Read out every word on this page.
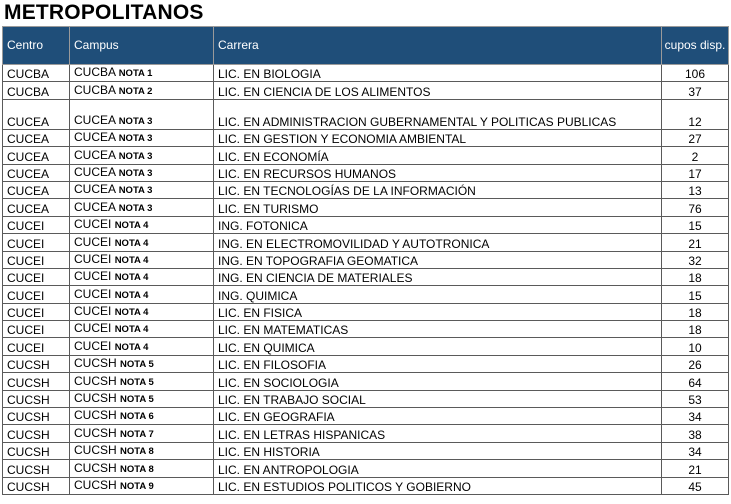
METROPOLITANOS
Centro	Campus	Carrera	cupos disp.
CUCBA	CUCBA NOTA 1	LIC. EN BIOLOGIA	106
CUCBA	CUCBA NOTA 2	LIC. EN CIENCIA DE LOS ALIMENTOS	37
CUCEA	CUCEA NOTA 3	LIC. EN ADMINISTRACION GUBERNAMENTAL Y POLITICAS PUBLICAS	12
CUCEA	CUCEA NOTA 3	LIC. EN GESTION Y ECONOMIA AMBIENTAL	27
CUCEA	CUCEA NOTA 3	LIC. EN ECONOMÍA	2
CUCEA	CUCEA NOTA 3	LIC. EN RECURSOS HUMANOS	17
CUCEA	CUCEA NOTA 3	LIC. EN TECNOLOGÍAS DE LA INFORMACIÓN	13
CUCEA	CUCEA NOTA 3	LIC. EN TURISMO	76
CUCEI	CUCEI NOTA 4	ING. FOTONICA	15
CUCEI	CUCEI NOTA 4	ING. EN ELECTROMOVILIDAD Y AUTOTRONICA	21
CUCEI	CUCEI NOTA 4	ING. EN TOPOGRAFIA GEOMATICA	32
CUCEI	CUCEI NOTA 4	ING. EN CIENCIA DE MATERIALES	18
CUCEI	CUCEI NOTA 4	ING. QUIMICA	15
CUCEI	CUCEI NOTA 4	LIC. EN FISICA	18
CUCEI	CUCEI NOTA 4	LIC. EN MATEMATICAS	18
CUCEI	CUCEI NOTA 4	LIC. EN QUIMICA	10
CUCSH	CUCSH NOTA 5	LIC. EN FILOSOFIA	26
CUCSH	CUCSH NOTA 5	LIC. EN SOCIOLOGIA	64
CUCSH	CUCSH NOTA 5	LIC. EN TRABAJO SOCIAL	53
CUCSH	CUCSH NOTA 6	LIC. EN GEOGRAFIA	34
CUCSH	CUCSH NOTA 7	LIC. EN LETRAS HISPANICAS	38
CUCSH	CUCSH NOTA 8	LIC. EN HISTORIA	34
CUCSH	CUCSH NOTA 8	LIC. EN ANTROPOLOGIA	21
CUCSH	CUCSH NOTA 9	LIC. EN ESTUDIOS POLITICOS Y GOBIERNO	45
